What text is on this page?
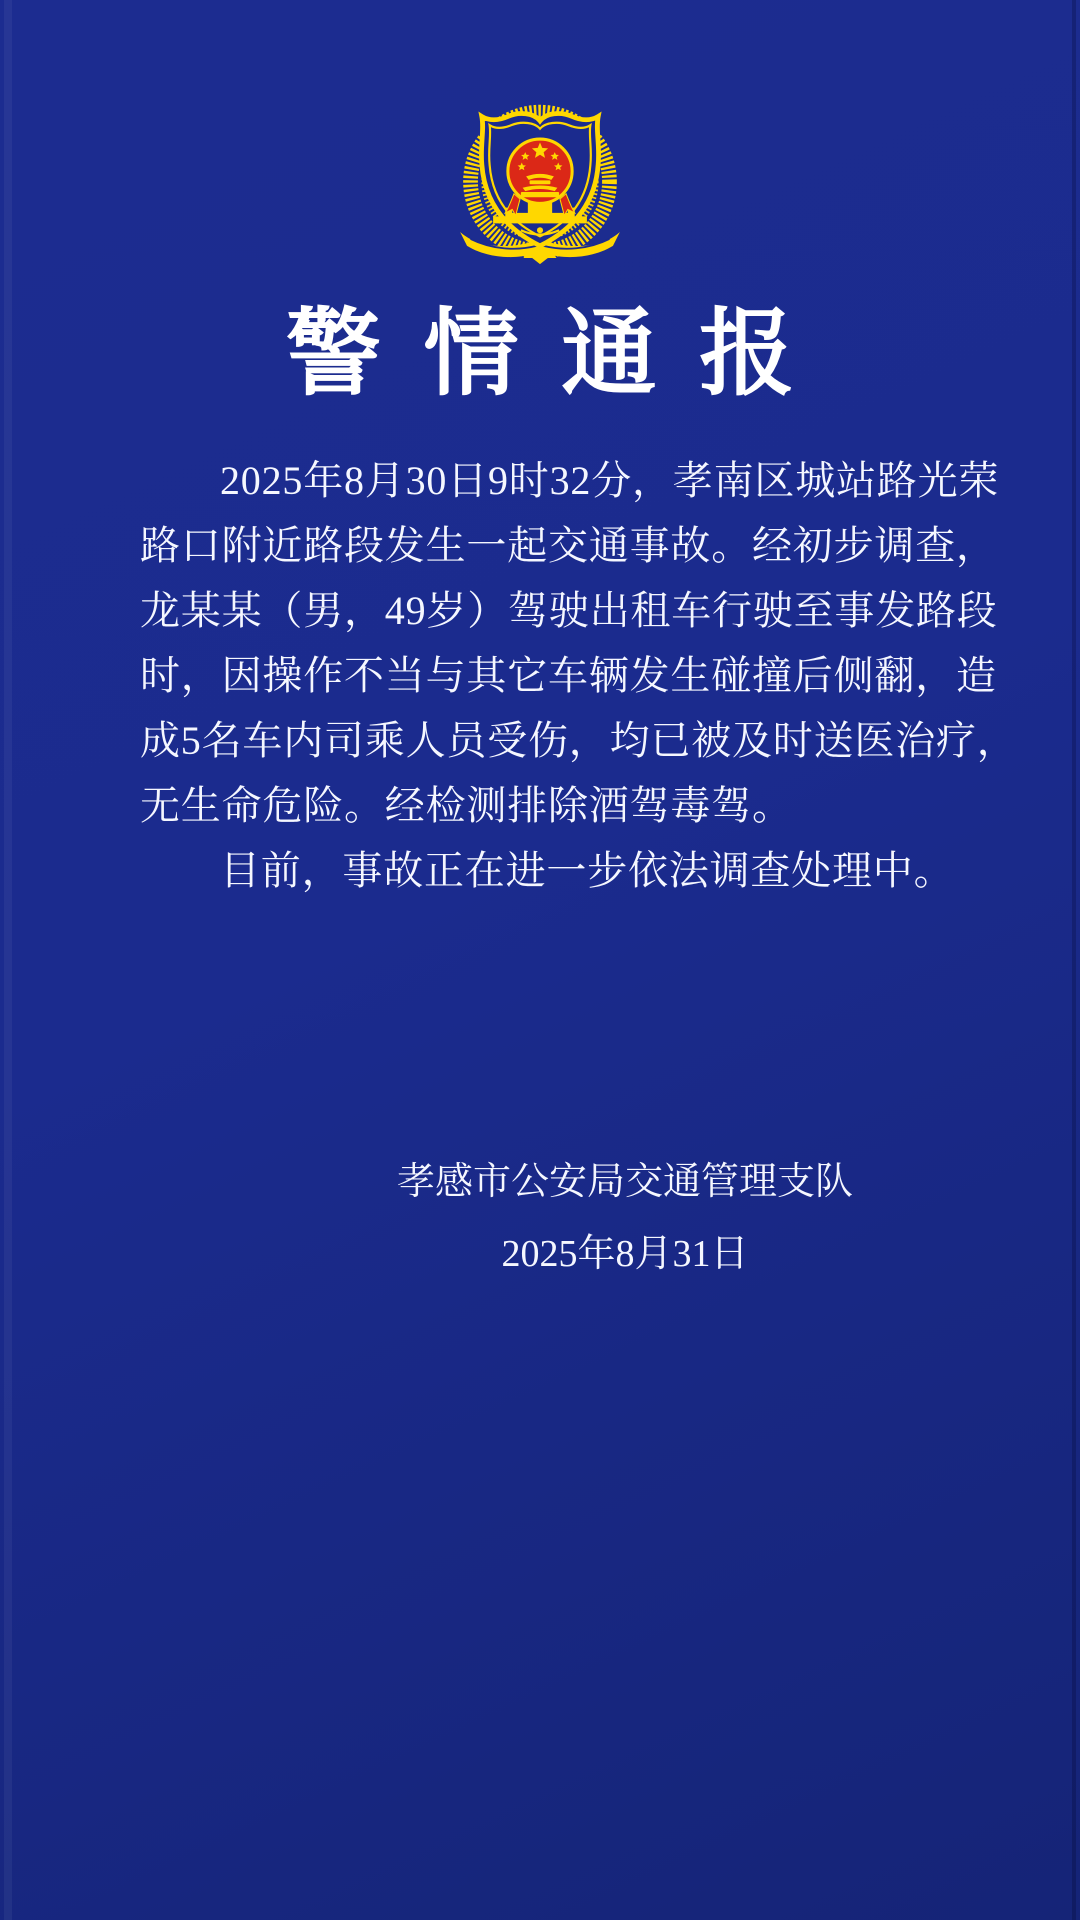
警情通报
2025年8月30日9时32分，孝南区城站路光荣
路口附近路段发生一起交通事故。经初步调查，
龙某某（男，49岁）驾驶出租车行驶至事发路段
时，因操作不当与其它车辆发生碰撞后侧翻，造
成5名车内司乘人员受伤，均已被及时送医治疗，
无生命危险。经检测排除酒驾毒驾。
目前，事故正在进一步依法调查处理中。
孝感市公安局交通管理支队
2025年8月31日
